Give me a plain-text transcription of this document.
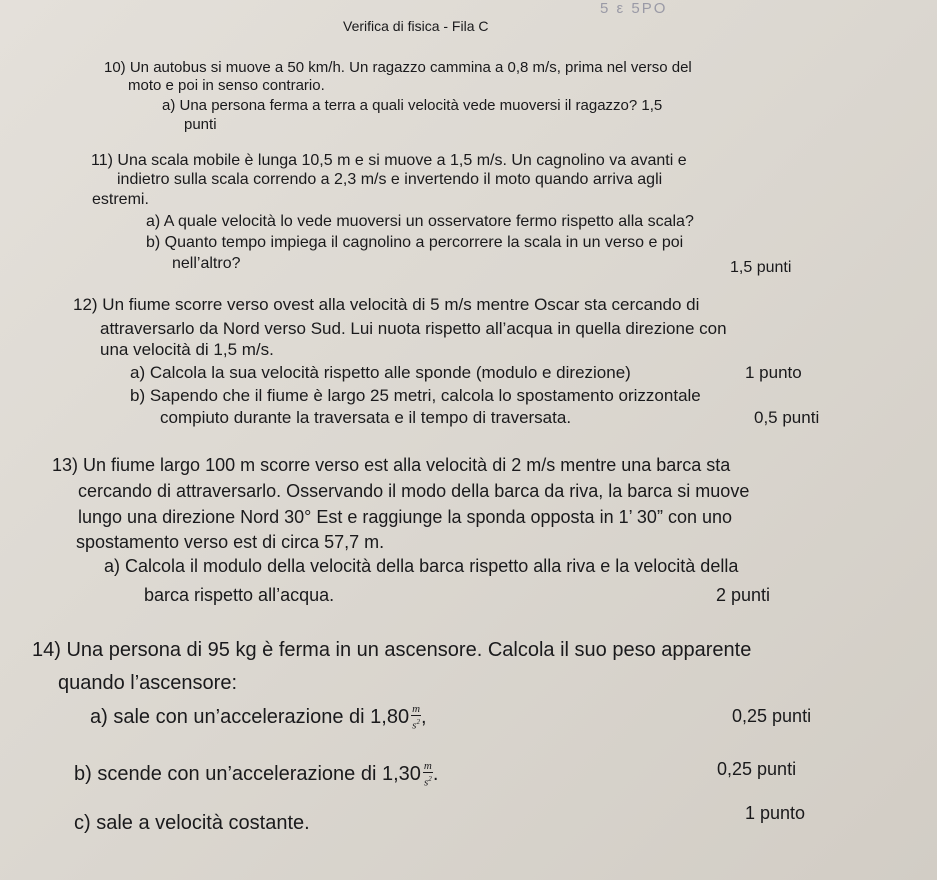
5 ε 5ΡΟ
Verifica di fisica - Fila C
10) Un autobus si muove a 50 km/h. Un ragazzo cammina a 0,8 m/s, prima nel verso del
moto e poi in senso contrario.
a) Una persona ferma a terra a quali velocità vede muoversi il ragazzo? 1,5
punti
11) Una scala mobile è lunga 10,5 m e si muove a 1,5 m/s. Un cagnolino va avanti e
indietro sulla scala correndo a 2,3 m/s e invertendo il moto quando arriva agli
estremi.
a) A quale velocità lo vede muoversi un osservatore fermo rispetto alla scala?
b) Quanto tempo impiega il cagnolino a percorrere la scala in un verso e poi
nell’altro?	1,5 punti
12) Un fiume scorre verso ovest alla velocità di 5 m/s mentre Oscar sta cercando di
attraversarlo da Nord verso Sud. Lui nuota rispetto all’acqua in quella direzione con
una velocità di 1,5 m/s.
a) Calcola la sua velocità rispetto alle sponde (modulo e direzione)	1 punto
b) Sapendo che il fiume è largo 25 metri, calcola lo spostamento orizzontale
compiuto durante la traversata e il tempo di traversata.	0,5 punti
13) Un fiume largo 100 m scorre verso est alla velocità di 2 m/s mentre una barca sta
cercando di attraversarlo. Osservando il modo della barca da riva, la barca si muove
lungo una direzione Nord 30° Est e raggiunge la sponda opposta in 1’ 30” con uno
spostamento verso est di circa 57,7 m.
a) Calcola il modulo della velocità della barca rispetto alla riva e la velocità della
barca rispetto all’acqua.	2 punti
14) Una persona di 95 kg è ferma in un ascensore. Calcola il suo peso apparente
quando l’ascensore:
a) sale con un’accelerazione di $1,80 \frac{m}{s^2}$ ,	0,25 punti
b) scende con un’accelerazione di $1,30 \frac{m}{s^2}$ .	0,25 punti
c) sale a velocità costante.	1 punto
